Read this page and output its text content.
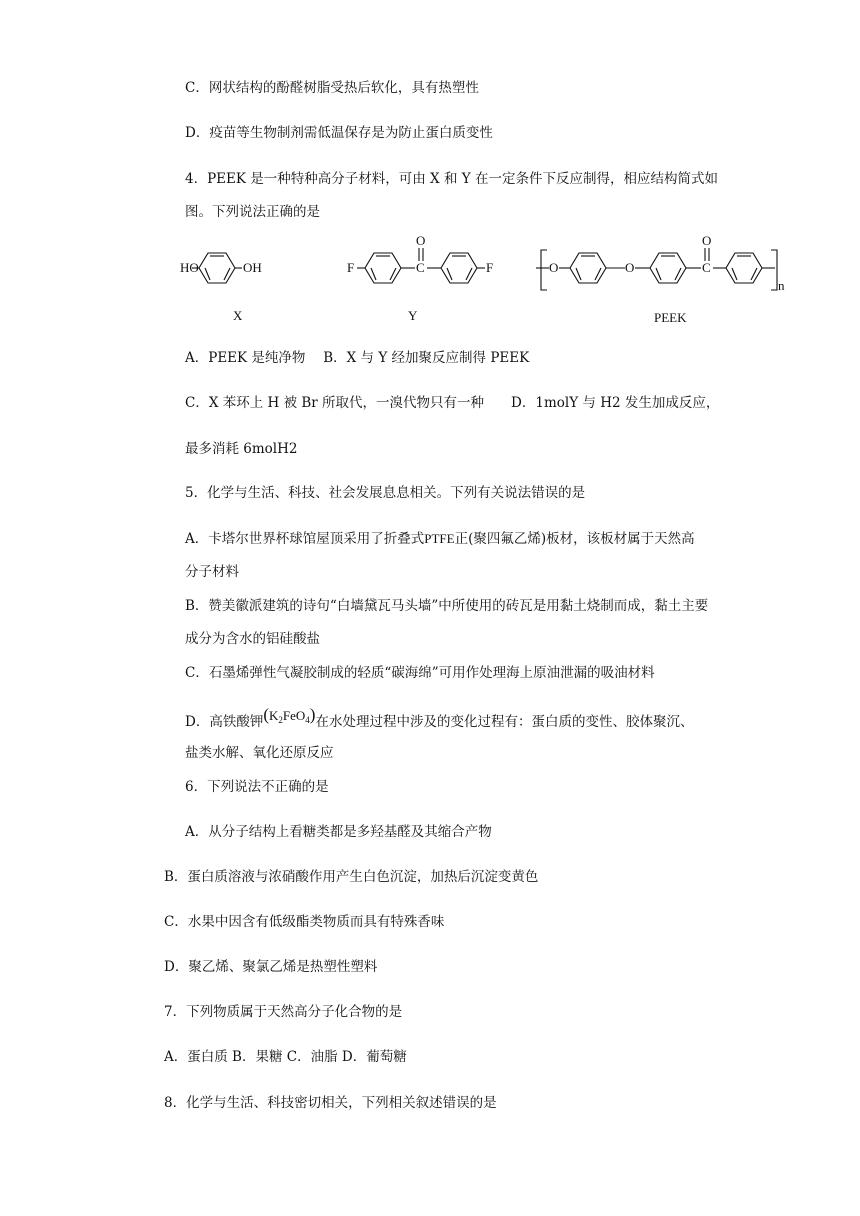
C．网状结构的酚醛树脂受热后软化，具有热塑性
D．疫苗等生物制剂需低温保存是为防止蛋白质变性
4．PEEK 是一种特种高分子材料，可由 X 和 Y 在一定条件下反应制得，相应结构简式如
图。下列说法正确的是
HO	OH
X
F	F
O
C
Y
O	O
O
C
n
PEEK
A．PEEK 是纯净物　 B．X 与 Y 经加聚反应制得 PEEK
C．X 苯环上 H 被 Br 所取代，一溴代物只有一种　　D．1molY 与 H2 发生加成反应，
最多消耗 6molH2
5．化学与生活、科技、社会发展息息相关。下列有关说法错误的是
A．卡塔尔世界杯球馆屋顶采用了折叠式PTFE正(聚四氟乙烯)板材，该板材属于天然高
分子材料
B．赞美徽派建筑的诗句“白墙黛瓦马头墙”中所使用的砖瓦是用黏土烧制而成，黏土主要
成分为含水的铝硅酸盐
C．石墨烯弹性气凝胶制成的轻质“碳海绵”可用作处理海上原油泄漏的吸油材料
D．高铁酸钾$(K_2FeO_4)$在水处理过程中涉及的变化过程有：蛋白质的变性、胶体聚沉、
盐类水解、氧化还原反应
6．下列说法不正确的是
A．从分子结构上看糖类都是多羟基醛及其缩合产物
B．蛋白质溶液与浓硝酸作用产生白色沉淀，加热后沉淀变黄色
C．水果中因含有低级酯类物质而具有特殊香味
D．聚乙烯、聚氯乙烯是热塑性塑料
7．下列物质属于天然高分子化合物的是
A．蛋白质 B．果糖 C．油脂 D．葡萄糖
8．化学与生活、科技密切相关，下列相关叙述错误的是
